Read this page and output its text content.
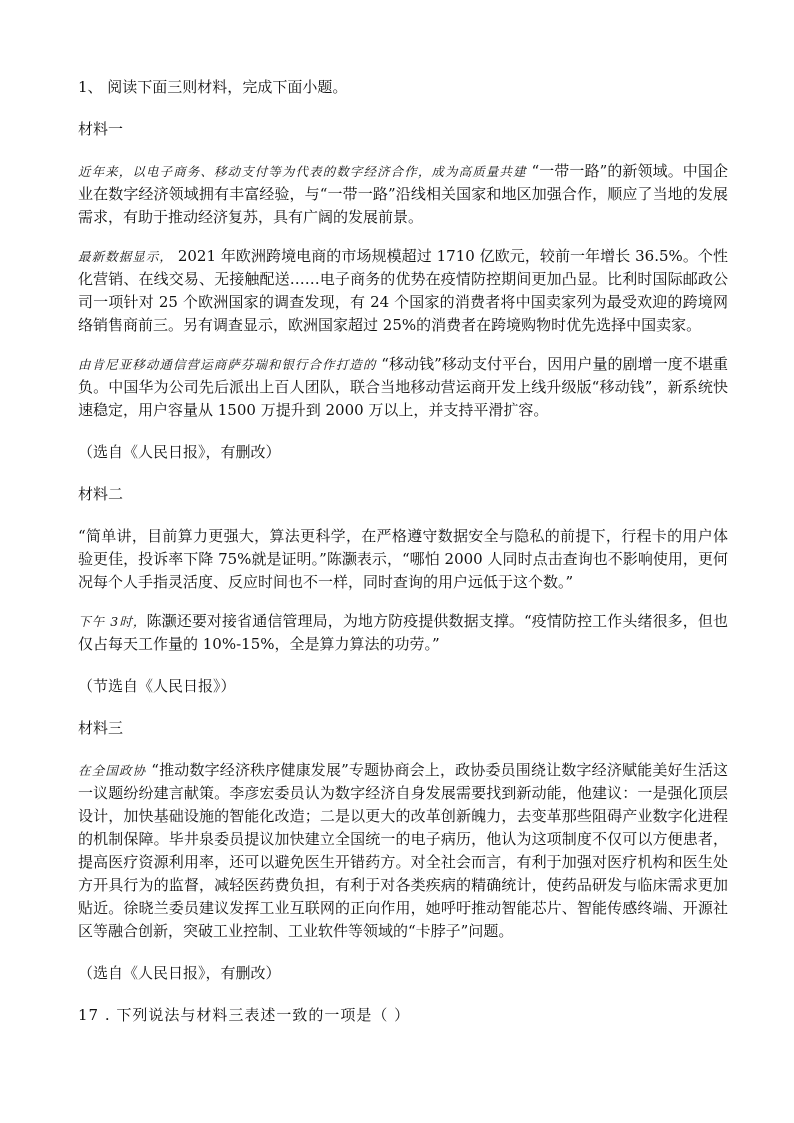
1、 阅读下面三则材料，完成下面小题。

材料一

近年来，以电子商务、移动支付等为代表的数字经济合作，成为高质量共建 “一带一路”的新领域。中国企业在数字经济领域拥有丰富经验，与“一带一路”沿线相关国家和地区加强合作，顺应了当地的发展需求，有助于推动经济复苏，具有广阔的发展前景。

最新数据显示， 2021 年欧洲跨境电商的市场规模超过 1710 亿欧元，较前一年增长 36.5%。个性化营销、在线交易、无接触配送……电子商务的优势在疫情防控期间更加凸显。比利时国际邮政公司一项针对 25 个欧洲国家的调查发现，有 24 个国家的消费者将中国卖家列为最受欢迎的跨境网络销售商前三。另有调查显示，欧洲国家超过 25%的消费者在跨境购物时优先选择中国卖家。

由肯尼亚移动通信营运商萨芬瑞和银行合作打造的 “移动钱”移动支付平台，因用户量的剧增一度不堪重负。中国华为公司先后派出上百人团队，联合当地移动营运商开发上线升级版“移动钱”，新系统快速稳定，用户容量从 1500 万提升到 2000 万以上，并支持平滑扩容。

（选自《人民日报》，有删改）

材料二

“简单讲，目前算力更强大，算法更科学，在严格遵守数据安全与隐私的前提下，行程卡的用户体验更佳，投诉率下降 75%就是证明。”陈灏表示，“哪怕 2000 人同时点击查询也不影响使用，更何况每个人手指灵活度、反应时间也不一样，同时查询的用户远低于这个数。”

下午 3时，陈灏还要对接省通信管理局，为地方防疫提供数据支撑。“疫情防控工作头绪很多，但也仅占每天工作量的 10%-15%，全是算力算法的功劳。”

（节选自《人民日报》）

材料三

在全国政协 “推动数字经济秩序健康发展”专题协商会上，政协委员围绕让数字经济赋能美好生活这一议题纷纷建言献策。李彦宏委员认为数字经济自身发展需要找到新动能，他建议：一是强化顶层设计，加快基础设施的智能化改造；二是以更大的改革创新魄力，去变革那些阻碍产业数字化进程的机制保障。毕井泉委员提议加快建立全国统一的电子病历，他认为这项制度不仅可以方便患者，提高医疗资源利用率，还可以避免医生开错药方。对全社会而言，有利于加强对医疗机构和医生处方开具行为的监督，减轻医药费负担，有利于对各类疾病的精确统计，使药品研发与临床需求更加贴近。徐晓兰委员建议发挥工业互联网的正向作用，她呼吁推动智能芯片、智能传感终端、开源社区等融合创新，突破工业控制、工业软件等领域的“卡脖子”问题。

（选自《人民日报》，有删改）

17 . 下列说法与材料三表述一致的一项是（ ）
